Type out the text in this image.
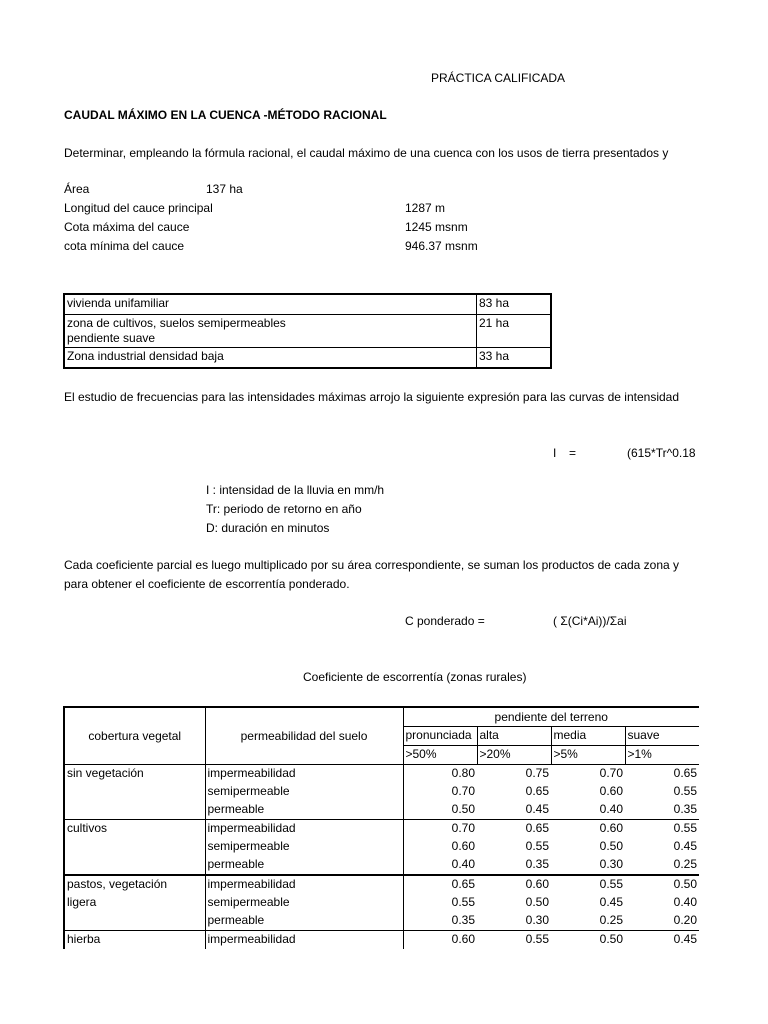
PRÁCTICA CALIFICADA
CAUDAL MÁXIMO EN LA CUENCA -MÉTODO RACIONAL
Determinar, empleando la fórmula racional, el caudal máximo de una cuenca con los usos de tierra presentados y
Área	137 ha
Longitud del cauce principal	1287 m
Cota máxima del cauce	1245 msnm
cota mínima del cauce	946.37 msnm
vivienda unifamiliar	83 ha

zona de cultivos, suelos semipermeables
pendiente suave	21 ha
Zona industrial densidad baja	33 ha
El estudio de frecuencias para las intensidades máximas arrojo la siguiente expresión para las curvas de intensidad
I =	(615*Tr^0.18
I : intensidad de la lluvia en mm/h
Tr: periodo de retorno en año
D: duración en minutos
Cada coeficiente parcial es luego multiplicado por su área correspondiente, se suman los productos de cada zona y
para obtener el coeficiente de escorrentía ponderado.
C ponderado =	( Σ(Ci*Ai))/Σai
Coeficiente de escorrentía (zonas rurales)
cobertura vegetal	permeabilidad del suelo	pendiente del terreno			
		pronunciada	alta	media	suave
		>50%	>20%	>5%	>1%
sin vegetación	impermeabilidad	0.80	0.75	0.70	0.65
	semipermeable	0.70	0.65	0.60	0.55
	permeable	0.50	0.45	0.40	0.35
cultivos	impermeabilidad	0.70	0.65	0.60	0.55
	semipermeable	0.60	0.55	0.50	0.45
	permeable	0.40	0.35	0.30	0.25
pastos, vegetación	impermeabilidad	0.65	0.60	0.55	0.50
ligera	semipermeable	0.55	0.50	0.45	0.40
	permeable	0.35	0.30	0.25	0.20
hierba	impermeabilidad	0.60	0.55	0.50	0.45
